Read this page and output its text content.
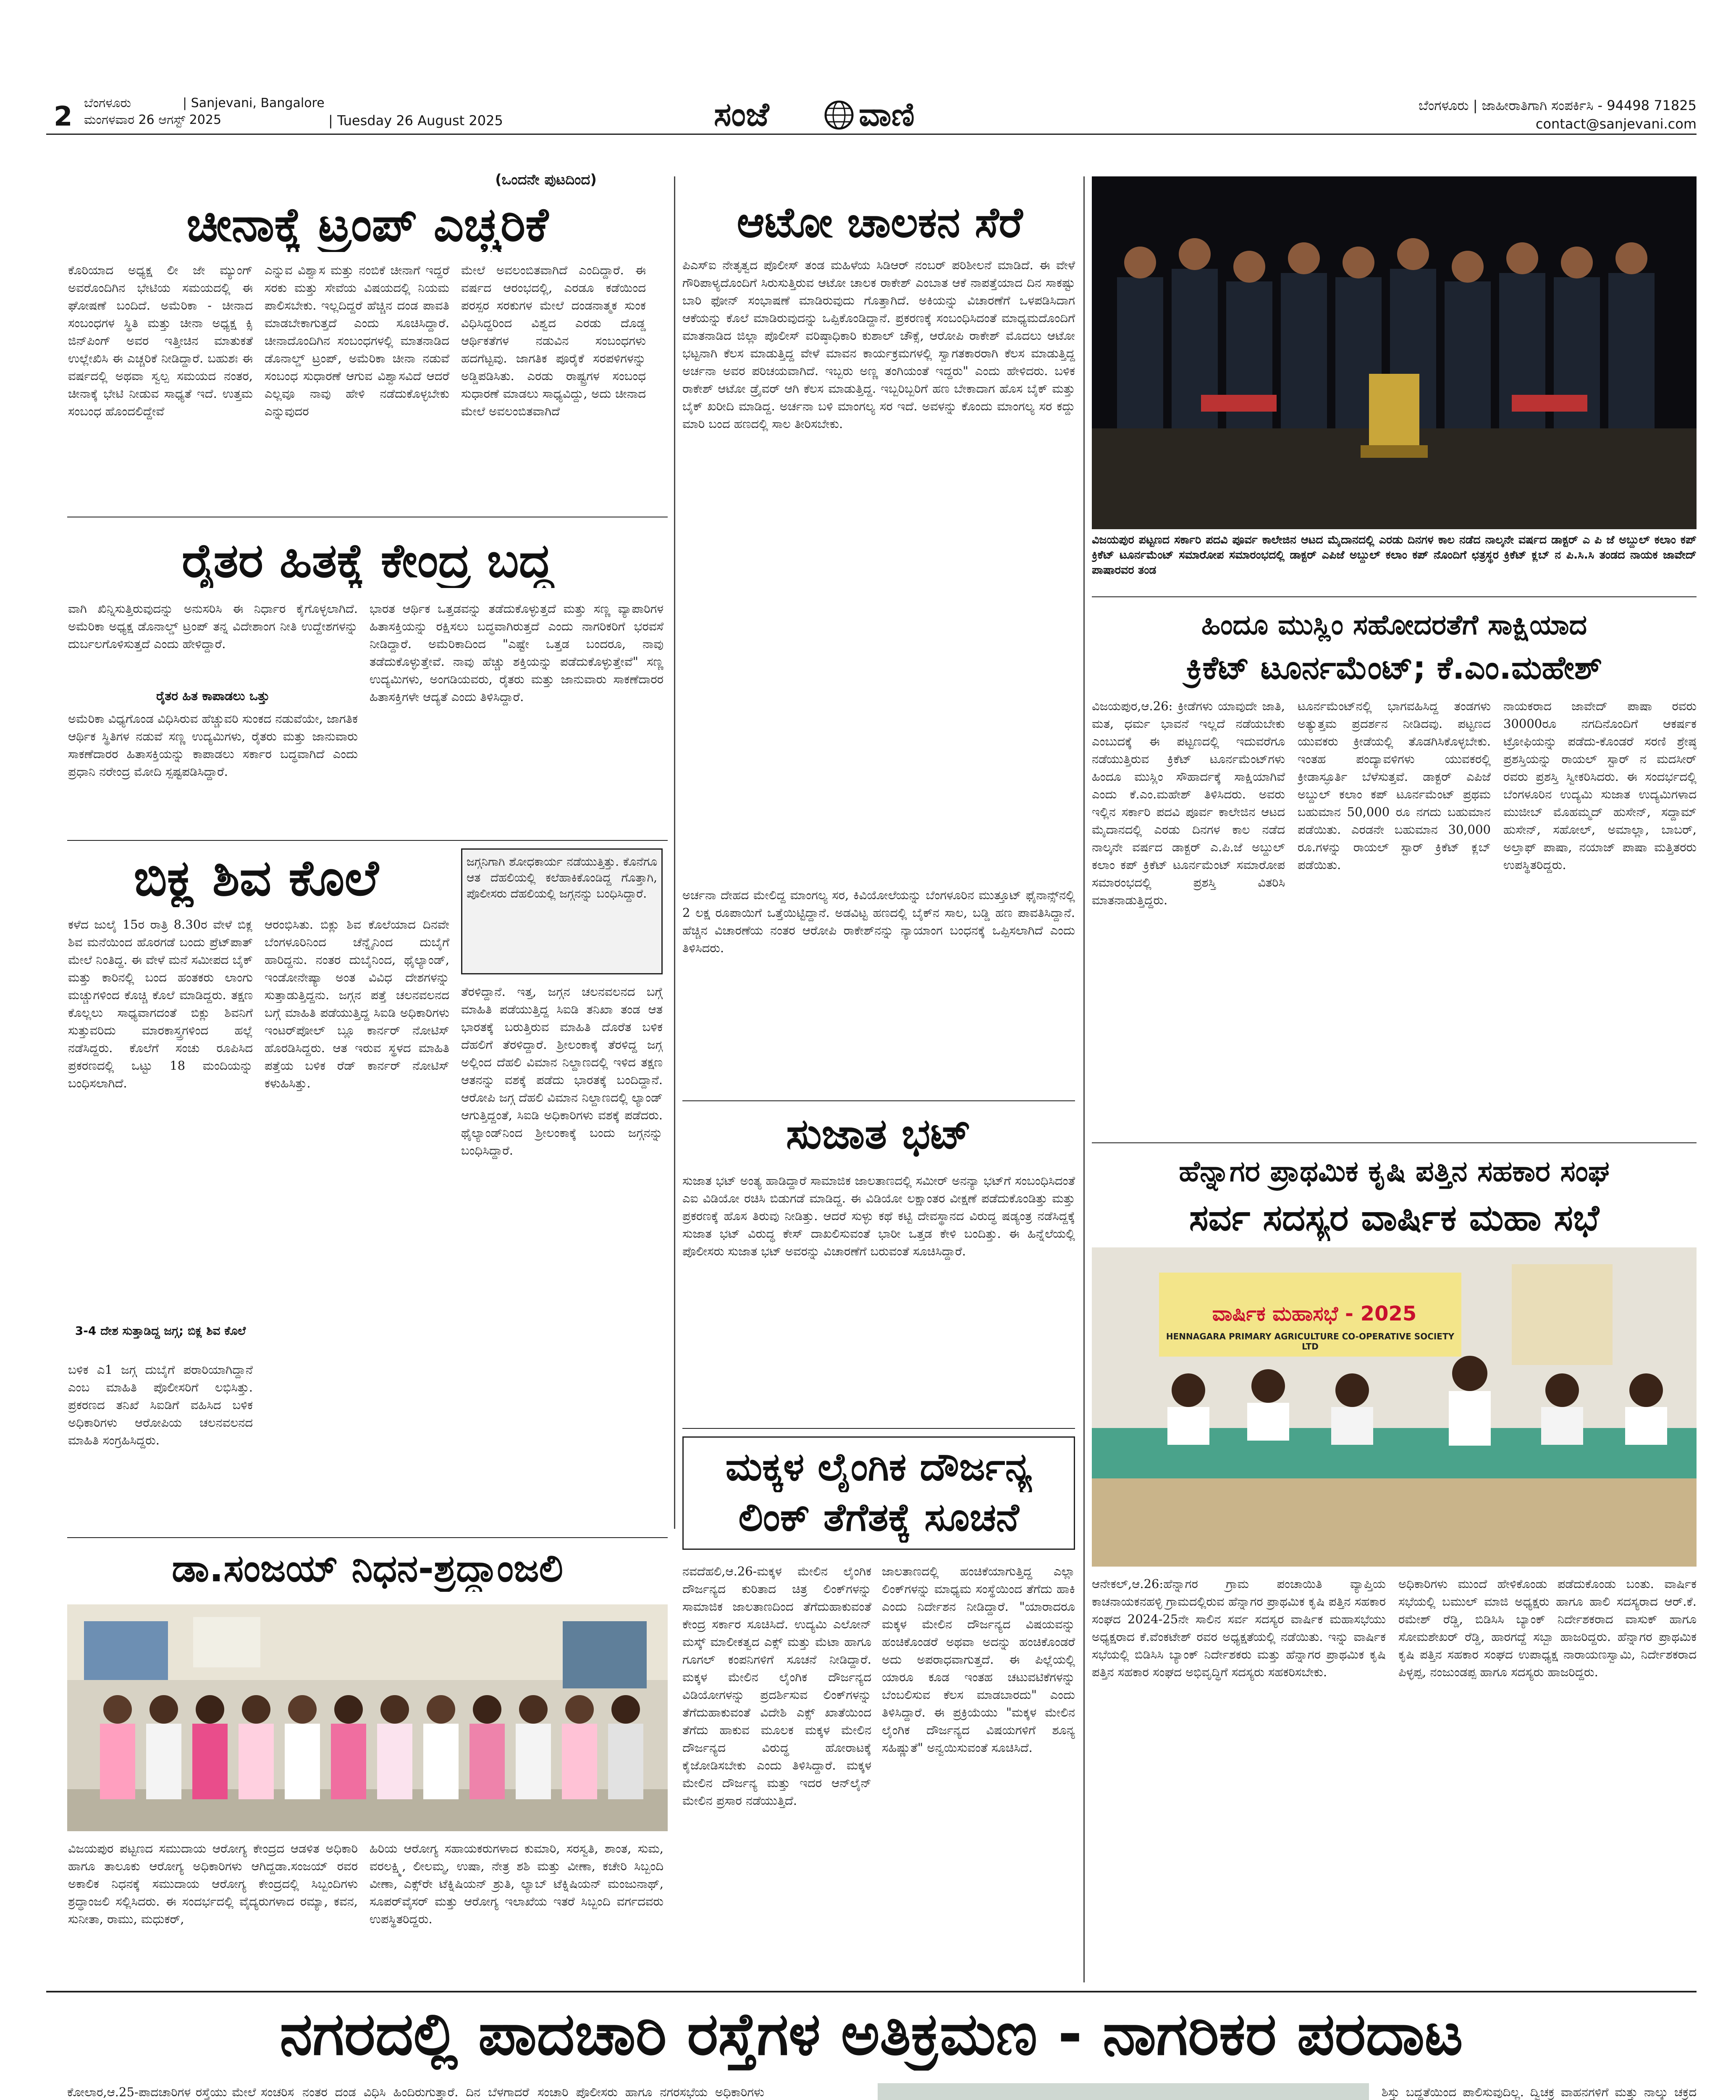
2 ಬೆಂಗಳೂರು	| Sanjevani, Bangalore
ಮಂಗಳವಾರ 26 ಆಗಸ್ಟ್ 2025	| Tuesday 26 August 2025	ಸಂಜೆ	ವಾಣಿ	ಬೆಂಗಳೂರು | ಜಾಹೀರಾತಿಗಾಗಿ ಸಂಪರ್ಕಿಸಿ - 94498 71825
contact@sanjevani.com
(ಒಂದನೇ ಪುಟದಿಂದ)
ಚೀನಾಕ್ಕೆ ಟ್ರಂಪ್ ಎಚ್ಚರಿಕೆ
ಕೊರಿಯಾದ ಅಧ್ಯಕ್ಷ ಲೀ ಜೇ ಮ್ಯುಂಗ್ ಅವರೊಂದಿಗಿನ ಭೇಟಿಯ ಸಮಯದಲ್ಲಿ ಈ ಘೋಷಣೆ ಬಂದಿದೆ. ಅಮೆರಿಕಾ - ಚೀನಾದ ಸಂಬಂಧಗಳ ಸ್ಥಿತಿ ಮತ್ತು ಚೀನಾ ಅಧ್ಯಕ್ಷ ಕ್ಸಿ ಜಿನ್‌ಪಿಂಗ್ ಅವರ ಇತ್ತೀಚಿನ ಮಾತುಕತೆ ಉಲ್ಲೇಖಿಸಿ ಈ ಎಚ್ಚರಿಕೆ ನೀಡಿದ್ದಾರೆ. ಬಹುಶಃ ಈ ವರ್ಷದಲ್ಲಿ ಅಥವಾ ಸ್ವಲ್ಪ ಸಮಯದ ನಂತರ, ಚೀನಾಕ್ಕೆ ಭೇಟಿ ನೀಡುವ ಸಾಧ್ಯತೆ ಇದೆ. ಉತ್ತಮ ಸಂಬಂಧ ಹೊಂದಲಿದ್ದೇವೆ
ಎನ್ನುವ ವಿಶ್ವಾಸ ಮತ್ತು ನಂಬಿಕೆ ಚೀನಾಗೆ ಇದ್ದರೆ ಸರಕು ಮತ್ತು ಸೇವೆಯ ವಿಷಯದಲ್ಲಿ ನಿಯಮ ಪಾಲಿಸಬೇಕು. ಇಲ್ಲದಿದ್ದರೆ ಹೆಚ್ಚಿನ ದಂಡ ಪಾವತಿ ಮಾಡಬೇಕಾಗುತ್ತದೆ ಎಂದು ಸೂಚಿಸಿದ್ದಾರೆ. ಚೀನಾದೊಂದಿಗಿನ ಸಂಬಂಧಗಳಲ್ಲಿ ಮಾತನಾಡಿದ ಡೊನಾಲ್ಡ್ ಟ್ರಂಪ್, ಅಮೆರಿಕಾ ಚೀನಾ ನಡುವೆ ಸಂಬಂಧ ಸುಧಾರಣೆ ಆಗುವ ವಿಶ್ವಾಸವಿದೆ ಆದರೆ ಎಲ್ಲವೂ ನಾವು ಹೇಳಿ ನಡೆದುಕೊಳ್ಳಬೇಕು ಎನ್ನುವುದರ
ಮೇಲೆ ಅವಲಂಬಿತವಾಗಿದೆ ಎಂದಿದ್ದಾರೆ. ಈ ವರ್ಷದ ಆರಂಭದಲ್ಲಿ, ಎರಡೂ ಕಡೆಯಿಂದ ಪರಸ್ಪರ ಸರಕುಗಳ ಮೇಲೆ ದಂಡನಾತ್ಮಕ ಸುಂಕ ವಿಧಿಸಿದ್ದರಿಂದ ವಿಶ್ವದ ಎರಡು ದೊಡ್ಡ ಆರ್ಥಿಕತೆಗಳ ನಡುವಿನ ಸಂಬಂಧಗಳು ಹದಗೆಟ್ಟವು. ಜಾಗತಿಕ ಪೂರೈಕೆ ಸರಪಳಿಗಳನ್ನು ಅಡ್ಡಿಪಡಿಸಿತು. ಎರಡು ರಾಷ್ಟ್ರಗಳ ಸಂಬಂಧ ಸುಧಾರಣೆ ಮಾಡಲು ಸಾಧ್ಯವಿದ್ದು, ಅದು ಚೀನಾದ ಮೇಲೆ ಅವಲಂಬಿತವಾಗಿದೆ
ರೈತರ ಹಿತಕ್ಕೆ ಕೇಂದ್ರ ಬದ್ಧ
ವಾಗಿ ಖಿನ್ನಿಸುತ್ತಿರುವುದನ್ನು ಅನುಸರಿಸಿ ಈ ನಿರ್ಧಾರ ಕೈಗೊಳ್ಳಲಾಗಿದೆ. ಅಮೆರಿಕಾ ಅಧ್ಯಕ್ಷ ಡೊನಾಲ್ಡ್ ಟ್ರಂಪ್ ತನ್ನ ವಿದೇಶಾಂಗ ನೀತಿ ಉದ್ದೇಶಗಳನ್ನು ದುರ್ಬಲಗೊಳಿಸುತ್ತದೆ ಎಂದು ಹೇಳಿದ್ದಾರೆ.
ರೈತರ ಹಿತ ಕಾಪಾಡಲು ಒತ್ತು
ಅಮೆರಿಕಾ ವಿಧ್ಯಗೊಂಡ ವಿಧಿಸಿರುವ ಹೆಚ್ಚುವರಿ ಸುಂಕದ ನಡುವೆಯೇ, ಜಾಗತಿಕ ಆರ್ಥಿಕ ಸ್ಥಿತಿಗಳ ನಡುವೆ ಸಣ್ಣ ಉದ್ಯಮಿಗಳು, ರೈತರು ಮತ್ತು ಜಾನುವಾರು ಸಾಕಣೆದಾರರ ಹಿತಾಸಕ್ತಿಯನ್ನು ಕಾಪಾಡಲು ಸರ್ಕಾರ ಬದ್ಧವಾಗಿದೆ ಎಂದು ಪ್ರಧಾನಿ ನರೇಂದ್ರ ಮೋದಿ ಸ್ಪಷ್ಟಪಡಿಸಿದ್ದಾರೆ.
ಭಾರತ ಆರ್ಥಿಕ ಒತ್ತಡವನ್ನು ತಡೆದುಕೊಳ್ಳುತ್ತದೆ ಮತ್ತು ಸಣ್ಣ ವ್ಯಾಪಾರಿಗಳ ಹಿತಾಸಕ್ತಿಯನ್ನು ರಕ್ಷಿಸಲು ಬದ್ಧವಾಗಿರುತ್ತದೆ ಎಂದು ನಾಗರಿಕರಿಗೆ ಭರವಸೆ ನೀಡಿದ್ದಾರೆ. ಅಮೆರಿಕಾದಿಂದ "ಎಷ್ಟೇ ಒತ್ತಡ ಬಂದರೂ, ನಾವು ತಡೆದುಕೊಳ್ಳುತ್ತೇವೆ. ನಾವು ಹೆಚ್ಚು ಶಕ್ತಿಯನ್ನು ಪಡೆದುಕೊಳ್ಳುತ್ತೇವೆ" ಸಣ್ಣ ಉದ್ಯಮಿಗಳು, ಅಂಗಡಿಯವರು, ರೈತರು ಮತ್ತು ಜಾನುವಾರು ಸಾಕಣೆದಾರರ ಹಿತಾಸಕ್ತಿಗಳೇ ಆದ್ಯತೆ ಎಂದು ತಿಳಿಸಿದ್ದಾರೆ.
ಬಿಕ್ಲ ಶಿವ ಕೊಲೆ
ಕಳೆದ ಜುಲೈ 15ರ ರಾತ್ರಿ 8.30ರ ವೇಳೆ ಬಿಕ್ಲ ಶಿವ ಮನೆಯಿಂದ ಹೊರಗಡೆ ಬಂದು ಪ್ರೆಟ್‌ಪಾತ್ ಮೇಲೆ ನಿಂತಿದ್ದ. ಈ ವೇಳೆ ಮನೆ ಸಮೀಪದ ಬೈಕ್ ಮತ್ತು ಕಾರಿನಲ್ಲಿ ಬಂದ ಹಂತಕರು ಲಾಂಗು ಮಚ್ಚುಗಳಿಂದ ಕೊಚ್ಚಿ ಕೊಲೆ ಮಾಡಿದ್ದರು. ತಕ್ಷಣ ಕೊಲ್ಲಲು ಸಾಧ್ಯವಾಗದಂತೆ ಬಿಕ್ಲು ಶಿವನಿಗೆ ಸುತ್ತುವರಿದು ಮಾರಕಾಸ್ತ್ರಗಳಿಂದ ಹಲ್ಲೆ ನಡೆಸಿದ್ದರು. ಕೊಲೆಗೆ ಸಂಚು ರೂಪಿಸಿದ ಪ್ರಕರಣದಲ್ಲಿ ಒಟ್ಟು 18 ಮಂದಿಯನ್ನು ಬಂಧಿಸಲಾಗಿದೆ.
3-4 ದೇಶ ಸುತ್ತಾಡಿದ್ದ ಜಗ್ಗ; ಬಿಕ್ಲ ಶಿವ ಕೊಲೆ
ಬಳಿಕ ಎ1 ಜಗ್ಗ ದುಬೈಗೆ ಪರಾರಿಯಾಗಿದ್ದಾನೆ ಎಂಬ ಮಾಹಿತಿ ಪೊಲೀಸರಿಗೆ ಲಭಿಸಿತ್ತು. ಪ್ರಕರಣದ ತನಿಖೆ ಸಿಐಡಿಗೆ ವಹಿಸಿದ ಬಳಿಕ ಅಧಿಕಾರಿಗಳು ಆರೋಪಿಯ ಚಲನವಲನದ ಮಾಹಿತಿ ಸಂಗ್ರಹಿಸಿದ್ದರು.
ಆರಂಭಿಸಿತು. ಬಿಕ್ಲು ಶಿವ ಕೊಲೆಯಾದ ದಿನವೇ ಬೆಂಗಳೂರಿನಿಂದ ಚೆನ್ನೈನಿಂದ ದುಬೈಗೆ ಹಾರಿದ್ದನು. ನಂತರ ದುಬೈನಿಂದ, ಥೈಲ್ಯಾಂಡ್, ಇಂಡೋನೇಷ್ಯಾ ಅಂತ ವಿವಿಧ ದೇಶಗಳನ್ನು ಸುತ್ತಾಡುತ್ತಿದ್ದನು. ಜಗ್ಗನ ಪತ್ತೆ ಚಲನವಲನದ ಬಗ್ಗೆ ಮಾಹಿತಿ ಪಡೆಯುತ್ತಿದ್ದ ಸಿಐಡಿ ಅಧಿಕಾರಿಗಳು ಇಂಟರ್‌ಪೋಲ್ ಬ್ಲೂ ಕಾರ್ನರ್ ನೋಟಿಸ್ ಹೊರಡಿಸಿದ್ದರು. ಆತ ಇರುವ ಸ್ಥಳದ ಮಾಹಿತಿ ಪತ್ತೆಯ ಬಳಿಕ ರೆಡ್ ಕಾರ್ನರ್ ನೋಟಿಸ್ ಕಳುಹಿಸಿತ್ತು.
ಜಗ್ಗನಿಗಾಗಿ ಶೋಧಕಾರ್ಯ ನಡೆಯುತ್ತಿತ್ತು. ಕೊನೆಗೂ ಆತ ದೆಹಲಿಯಲ್ಲಿ ಕಲೆಹಾಕಿಕೊಂಡಿದ್ದ ಗೊತ್ತಾಗಿ, ಪೊಲೀಸರು ದೆಹಲಿಯಲ್ಲಿ ಜಗ್ಗನನ್ನು ಬಂಧಿಸಿದ್ದಾರೆ.
ತೆರಳಿದ್ದಾನೆ. ಇತ್ತ, ಜಗ್ಗನ ಚಲನವಲನದ ಬಗ್ಗೆ ಮಾಹಿತಿ ಪಡೆಯುತ್ತಿದ್ದ ಸಿಐಡಿ ತನಿಖಾ ತಂಡ ಆತ ಭಾರತಕ್ಕೆ ಬರುತ್ತಿರುವ ಮಾಹಿತಿ ದೊರೆತ ಬಳಿಕ ದೆಹಲಿಗೆ ತೆರಳಿದ್ದಾರೆ. ಶ್ರೀಲಂಕಾಕ್ಕೆ ತೆರಳಿದ್ದ ಜಗ್ಗ ಅಲ್ಲಿಂದ ದೆಹಲಿ ವಿಮಾನ ನಿಲ್ದಾಣದಲ್ಲಿ ಇಳಿದ ತಕ್ಷಣ ಆತನನ್ನು ವಶಕ್ಕೆ ಪಡೆದು ಭಾರತಕ್ಕೆ ಬಂದಿದ್ದಾನೆ. ಆರೋಪಿ ಜಗ್ಗ ದೆಹಲಿ ವಿಮಾನ ನಿಲ್ದಾಣದಲ್ಲಿ ಲ್ಯಾಂಡ್ ಆಗುತ್ತಿದ್ದಂತೆ, ಸಿಐಡಿ ಅಧಿಕಾರಿಗಳು ವಶಕ್ಕೆ ಪಡೆದರು. ಥೈಲ್ಯಾಂಡ್‌ನಿಂದ ಶ್ರೀಲಂಕಾಕ್ಕೆ ಬಂದು ಜಗ್ಗನನ್ನು ಬಂಧಿಸಿದ್ದಾರೆ.
ಡಾ.ಸಂಜಯ್ ನಿಧನ-ಶ್ರದ್ಧಾಂಜಲಿ
ವಿಜಯಪುರ ಪಟ್ಟಣದ ಸಮುದಾಯ ಆರೋಗ್ಯ ಕೇಂದ್ರದ ಆಡಳಿತ ಅಧಿಕಾರಿ ಹಾಗೂ ತಾಲೂಕು ಆರೋಗ್ಯ ಅಧಿಕಾರಿಗಳು ಆಗಿದ್ದಡಾ.ಸಂಜಯ್ ರವರ ಅಕಾಲಿಕ ನಿಧನಕ್ಕೆ ಸಮುದಾಯ ಆರೋಗ್ಯ ಕೇಂದ್ರದಲ್ಲಿ ಸಿಬ್ಬಂದಿಗಳು ಶ್ರದ್ಧಾಂಜಲಿ ಸಲ್ಲಿಸಿದರು. ಈ ಸಂದರ್ಭದಲ್ಲಿ ವೈದ್ಯರುಗಳಾದ ರಮ್ಯಾ, ಕವನ, ಸುನೀತಾ, ರಾಮು, ಮಧುಕರ್,
ಹಿರಿಯ ಆರೋಗ್ಯ ಸಹಾಯಕರುಗಳಾದ ಕುಮಾರಿ, ಸರಸ್ವತಿ, ಶಾಂತ, ಸುಮ, ವರಲಕ್ಷ್ಮಿ, ಲೀಲಮ್ಮ, ಉಷಾ, ನೇತ್ರ ಶಶಿ ಮತ್ತು ವೀಣಾ, ಕಚೇರಿ ಸಿಬ್ಬಂದಿ ವೀಣಾ, ಎಕ್ಸ್‌ರೇ ಟೆಕ್ನಿಷಿಯನ್ ಶ್ರುತಿ, ಲ್ಯಾಬ್ ಟೆಕ್ನಿಷಿಯನ್ ಮಂಜುನಾಥ್, ಸೂಪರ್‌ವೈಸರ್ ಮತ್ತು ಆರೋಗ್ಯ ಇಲಾಖೆಯ ಇತರೆ ಸಿಬ್ಬಂದಿ ವರ್ಗದವರು ಉಪಸ್ಥಿತರಿದ್ದರು.
ಆಟೋ ಚಾಲಕನ ಸೆರೆ
ಪಿಎಸ್‌ಐ ನೇತೃತ್ವದ ಪೊಲೀಸ್ ತಂಡ ಮಹಿಳೆಯ ಸಿಡಿಆರ್ ನಂಬರ್ ಪರಿಶೀಲನೆ ಮಾಡಿದೆ. ಈ ವೇಳೆ ಗೌರಿಪಾಳ್ಯದೊಂದಿಗೆ ಸಿರುಸುತ್ತಿರುವ ಆಟೋ ಚಾಲಕ ರಾಕೇಶ್ ಎಂಬಾತ ಆಕೆ ನಾಪತ್ತೆಯಾದ ದಿನ ಸಾಕಷ್ಟು ಬಾರಿ ಫೋನ್ ಸಂಭಾಷಣೆ ಮಾಡಿರುವುದು ಗೊತ್ತಾಗಿದೆ. ಅಕಿಯನ್ನು ವಿಚಾರಣೆಗೆ ಒಳಪಡಿಸಿದಾಗ ಆಕೆಯನ್ನು ಕೊಲೆ ಮಾಡಿರುವುದನ್ನು ಒಪ್ಪಿಕೊಂಡಿದ್ದಾನೆ. ಪ್ರಕರಣಕ್ಕೆ ಸಂಬಂಧಿಸಿದಂತೆ ಮಾಧ್ಯಮದೊಂದಿಗೆ ಮಾತನಾಡಿದ ಜಿಲ್ಲಾ ಪೊಲೀಸ್ ವರಿಷ್ಠಾಧಿಕಾರಿ ಕುಶಾಲ್ ಚೌಕ್ಸೆ, ಆರೋಪಿ ರಾಕೇಶ್ ಮೊದಲು ಆಟೋ ಭಟ್ಟನಾಗಿ ಕೆಲಸ ಮಾಡುತ್ತಿದ್ದ ವೇಳೆ ಮಾವನ ಕಾರ್ಯಕ್ರಮಗಳಲ್ಲಿ ಸ್ವಾಗತಕಾರರಾಗಿ ಕೆಲಸ ಮಾಡುತ್ತಿದ್ದ ಅರ್ಚನಾ ಅವರ ಪರಿಚಯವಾಗಿದೆ. ಇಬ್ಬರು ಅಣ್ಣ ತಂಗಿಯಂತೆ ಇದ್ದರು" ಎಂದು ಹೇಳಿದರು. ಬಳಿಕ ರಾಕೇಶ್ ಆಟೋ ಡ್ರೈವರ್ ಆಗಿ ಕೆಲಸ ಮಾಡುತ್ತಿದ್ದ. ಇಬ್ಬರಿಬ್ಬರಿಗೆ ಹಣ ಬೇಕಾದಾಗ ಹೊಸ ಬೈಕ್ ಮತ್ತು ಬೈಕ್ ಖರೀದಿ ಮಾಡಿದ್ದ. ಅರ್ಚನಾ ಬಳಿ ಮಾಂಗಲ್ಯ ಸರ ಇದೆ. ಅವಳನ್ನು ಕೊಂದು ಮಾಂಗಲ್ಯ ಸರ ಕದ್ದು ಮಾರಿ ಬಂದ ಹಣದಲ್ಲಿ ಸಾಲ ತೀರಿಸಬೇಕು.
ಅರ್ಚನಾ ದೇಹದ ಮೇಲಿದ್ದ ಮಾಂಗಲ್ಯ ಸರ, ಕಿವಿಯೋಲೆಯನ್ನು ಬೆಂಗಳೂರಿನ ಮುತ್ತೂಟ್ ಫೈನಾನ್ಸ್‌ನಲ್ಲಿ 2 ಲಕ್ಷ ರೂಪಾಯಿಗೆ ಒತ್ತೆಯಿಟ್ಟಿದ್ದಾನೆ. ಅಡವಿಟ್ಟ ಹಣದಲ್ಲಿ ಬೈಕ್‌ನ ಸಾಲ, ಬಡ್ಡಿ ಹಣ ಪಾವತಿಸಿದ್ದಾನೆ. ಹೆಚ್ಚಿನ ವಿಚಾರಣೆಯ ನಂತರ ಆರೋಪಿ ರಾಕೇಶ್‌ನನ್ನು ನ್ಯಾಯಾಂಗ ಬಂಧನಕ್ಕೆ ಒಪ್ಪಿಸಲಾಗಿದೆ ಎಂದು ತಿಳಿಸಿದರು.
ಸುಜಾತ ಭಟ್
ಸುಜಾತ ಭಟ್ ಅಂತ್ಯ ಹಾಡಿದ್ದಾರೆ ಸಾಮಾಜಿಕ ಜಾಲತಾಣದಲ್ಲಿ ಸಮೀರ್ ಅನನ್ಯಾ ಭಟ್‌ಗೆ ಸಂಬಂಧಿಸಿದಂತೆ ಎಐ ವಿಡಿಯೋ ರಚಿಸಿ ಬಿಡುಗಡೆ ಮಾಡಿದ್ದ. ಈ ವಿಡಿಯೋ ಲಕ್ಷಾಂತರ ವೀಕ್ಷಣೆ ಪಡೆದುಕೊಂಡಿತ್ತು ಮತ್ತು ಪ್ರಕರಣಕ್ಕೆ ಹೊಸ ತಿರುವು ನೀಡಿತ್ತು. ಆದರೆ ಸುಳ್ಳು ಕಥೆ ಕಟ್ಟಿ ದೇವಸ್ಥಾನದ ವಿರುದ್ಧ ಷಡ್ಯಂತ್ರ ನಡೆಸಿದ್ದಕ್ಕೆ ಸುಜಾತ ಭಟ್ ವಿರುದ್ಧ ಕೇಸ್ ದಾಖಲಿಸುವಂತೆ ಭಾರೀ ಒತ್ತಡ ಕೇಳಿ ಬಂದಿತ್ತು. ಈ ಹಿನ್ನೆಲೆಯಲ್ಲಿ ಪೊಲೀಸರು ಸುಜಾತ ಭಟ್ ಅವರನ್ನು ವಿಚಾರಣೆಗೆ ಬರುವಂತೆ ಸೂಚಿಸಿದ್ದಾರೆ.
ಮಕ್ಕಳ ಲೈಂಗಿಕ ದೌರ್ಜನ್ಯ
ಲಿಂಕ್ ತೆಗೆತಕ್ಕೆ ಸೂಚನೆ
ನವದೆಹಲಿ,ಆ.26-ಮಕ್ಕಳ ಮೇಲಿನ ಲೈಂಗಿಕ ದೌರ್ಜನ್ಯದ ಕುರಿತಾದ ಚಿತ್ರ ಲಿಂಕ್‌ಗಳನ್ನು ಸಾಮಾಜಿಕ ಜಾಲತಾಣದಿಂದ ತೆಗೆದುಹಾಕುವಂತೆ ಕೇಂದ್ರ ಸರ್ಕಾರ ಸೂಚಿಸಿದೆ. ಉದ್ಯಮಿ ಎಲೋನ್ ಮಸ್ಕ್ ಮಾಲೀಕತ್ವದ ಎಕ್ಸ್ ಮತ್ತು ಮೆಟಾ ಹಾಗೂ ಗೂಗಲ್ ಕಂಪನಿಗಳಿಗೆ ಸೂಚನೆ ನೀಡಿದ್ದಾರೆ. ಮಕ್ಕಳ ಮೇಲಿನ ಲೈಂಗಿಕ ದೌರ್ಜನ್ಯದ ವಿಡಿಯೋಗಳನ್ನು ಪ್ರದರ್ಶಿಸುವ ಲಿಂಕ್‌ಗಳನ್ನು ತೆಗೆದುಹಾಕುವಂತೆ ವಿದೇಶಿ ಎಕ್ಸ್ ಖಾತೆಯಿಂದ ತೆಗೆದು ಹಾಕುವ ಮೂಲಕ ಮಕ್ಕಳ ಮೇಲಿನ ದೌರ್ಜನ್ಯದ ವಿರುದ್ಧ ಹೋರಾಟಕ್ಕೆ ಕೈಜೋಡಿಸಬೇಕು ಎಂದು ತಿಳಿಸಿದ್ದಾರೆ. ಮಕ್ಕಳ ಮೇಲಿನ ದೌರ್ಜನ್ಯ ಮತ್ತು ಇದರ ಆನ್‌ಲೈನ್ ಮೇಲಿನ ಪ್ರಸಾರ ನಡೆಯುತ್ತಿದೆ.
ಜಾಲತಾಣದಲ್ಲಿ ಹಂಚಿಕೆಯಾಗುತ್ತಿದ್ದ ಎಲ್ಲಾ ಲಿಂಕ್‌ಗಳನ್ನು ಮಾಧ್ಯಮ ಸಂಸ್ಥೆಯಿಂದ ತೆಗೆದು ಹಾಕಿ ಎಂದು ನಿರ್ದೇಶನ ನೀಡಿದ್ದಾರೆ. "ಯಾರಾದರೂ ಮಕ್ಕಳ ಮೇಲಿನ ದೌರ್ಜನ್ಯದ ವಿಷಯವನ್ನು ಹಂಚಿಕೊಂಡರೆ ಅಥವಾ ಅದನ್ನು ಹಂಚಿಕೊಂಡರೆ ಅದು ಅಪರಾಧವಾಗುತ್ತದೆ. ಈ ಪಿಲ್ಲೆಯಲ್ಲಿ ಯಾರೂ ಕೂಡ ಇಂತಹ ಚಟುವಟಿಕೆಗಳನ್ನು ಬೆಂಬಲಿಸುವ ಕೆಲಸ ಮಾಡಬಾರದು" ಎಂದು ತಿಳಿಸಿದ್ದಾರೆ. ಈ ಪ್ರಕ್ರಿಯೆಯು "ಮಕ್ಕಳ ಮೇಲಿನ ಲೈಂಗಿಕ ದೌರ್ಜನ್ಯದ ವಿಷಯಗಳಿಗೆ ಶೂನ್ಯ ಸಹಿಷ್ಣುತೆ" ಅನ್ವಯಿಸುವಂತೆ ಸೂಚಿಸಿದೆ.
ವಿಜಯಪುರ ಪಟ್ಟಣದ ಸರ್ಕಾರಿ ಪದವಿ ಪೂರ್ವ ಕಾಲೇಜಿನ ಆಟದ ಮೈದಾನದಲ್ಲಿ ಎರಡು ದಿನಗಳ ಕಾಲ ನಡೆದ ನಾಲ್ಕನೇ ವರ್ಷದ ಡಾಕ್ಟರ್ ಎ ಪಿ ಜೆ ಅಬ್ದುಲ್ ಕಲಾಂ ಕಪ್ ಕ್ರಿಕೆಟ್ ಟೂರ್ನಮೆಂಟ್ ಸಮಾರೋಪ ಸಮಾರಂಭದಲ್ಲಿ ಡಾಕ್ಟರ್ ಎಪಿಜೆ ಅಬ್ದುಲ್ ಕಲಾಂ ಕಪ್ ನೊಂದಿಗೆ ಛತ್ರಸ್ಥರ ಕ್ರಿಕೆಟ್ ಕ್ಲಬ್ ನ ಪಿ.ಸಿ.ಸಿ ತಂಡದ ನಾಯಕ ಜಾವೇದ್ ಪಾಷಾರವರ ತಂಡ
ಹಿಂದೂ ಮುಸ್ಲಿಂ ಸಹೋದರತೆಗೆ ಸಾಕ್ಷಿಯಾದ
ಕ್ರಿಕೆಟ್ ಟೂರ್ನಮೆಂಟ್; ಕೆ.ಎಂ.ಮಹೇಶ್
ವಿಜಯಪುರ,ಆ.26: ಕ್ರೀಡೆಗಳು ಯಾವುದೇ ಜಾತಿ, ಮತ, ಧರ್ಮ ಭಾವನೆ ಇಲ್ಲದೆ ನಡೆಯಬೇಕು ಎಂಬುದಕ್ಕೆ ಈ ಪಟ್ಟಣದಲ್ಲಿ ಇದುವರೆಗೂ ನಡೆಯುತ್ತಿರುವ ಕ್ರಿಕೆಟ್ ಟೂರ್ನಮೆಂಟ್‌ಗಳು ಹಿಂದೂ ಮುಸ್ಲಿಂ ಸೌಹಾರ್ದಕ್ಕೆ ಸಾಕ್ಷಿಯಾಗಿವೆ ಎಂದು ಕೆ.ಎಂ.ಮಹೇಶ್ ತಿಳಿಸಿದರು. ಅವರು ಇಲ್ಲಿನ ಸರ್ಕಾರಿ ಪದವಿ ಪೂರ್ವ ಕಾಲೇಜಿನ ಆಟದ ಮೈದಾನದಲ್ಲಿ ಎರಡು ದಿನಗಳ ಕಾಲ ನಡೆದ ನಾಲ್ಕನೇ ವರ್ಷದ ಡಾಕ್ಟರ್ ಎ.ಪಿ.ಜೆ ಅಬ್ದುಲ್ ಕಲಾಂ ಕಪ್ ಕ್ರಿಕೆಟ್ ಟೂರ್ನಮೆಂಟ್ ಸಮಾರೋಪ ಸಮಾರಂಭದಲ್ಲಿ ಪ್ರಶಸ್ತಿ ವಿತರಿಸಿ ಮಾತನಾಡುತ್ತಿದ್ದರು.
ಟೂರ್ನಮೆಂಟ್‌ನಲ್ಲಿ ಭಾಗವಹಿಸಿದ್ದ ತಂಡಗಳು ಅತ್ಯುತ್ತಮ ಪ್ರದರ್ಶನ ನೀಡಿದವು. ಪಟ್ಟಣದ ಯುವಕರು ಕ್ರೀಡೆಯಲ್ಲಿ ತೊಡಗಿಸಿಕೊಳ್ಳಬೇಕು. ಇಂತಹ ಪಂದ್ಯಾವಳಿಗಳು ಯುವಕರಲ್ಲಿ ಕ್ರೀಡಾಸ್ಫೂರ್ತಿ ಬೆಳೆಸುತ್ತವೆ. ಡಾಕ್ಟರ್ ಎಪಿಜೆ ಅಬ್ದುಲ್ ಕಲಾಂ ಕಪ್ ಟೂರ್ನಮೆಂಟ್ ಪ್ರಥಮ ಬಹುಮಾನ 50,000 ರೂ ನಗದು ಬಹುಮಾನ ಪಡೆಯಿತು. ಎರಡನೇ ಬಹುಮಾನ 30,000 ರೂ.ಗಳನ್ನು ರಾಯಲ್ ಸ್ಟಾರ್ ಕ್ರಿಕೆಟ್ ಕ್ಲಬ್ ಪಡೆಯಿತು.
ನಾಯಕರಾದ ಜಾವೇದ್ ಪಾಷಾ ರವರು 30000ರೂ ನಗದಿನೊಂದಿಗೆ ಆಕರ್ಷಕ ಟ್ರೋಫಿಯನ್ನು ಪಡೆದು-ಕೊಂಡರೆ ಸರಣಿ ಶ್ರೇಷ್ಠ ಪ್ರಶಸ್ತಿಯನ್ನು ರಾಯಲ್ ಸ್ಟಾರ್ ನ ಮದಸೀರ್ ರವರು ಪ್ರಶಸ್ತಿ ಸ್ವೀಕರಿಸಿದರು. ಈ ಸಂದರ್ಭದಲ್ಲಿ ಬೆಂಗಳೂರಿನ ಉದ್ಯಮಿ ಸುಜಾತ ಉದ್ಯಮಿಗಳಾದ ಮುಜೀಬ್ ಮೊಹಮ್ಮದ್ ಹುಸೇನ್, ಸದ್ದಾಮ್ ಹುಸೇನ್, ಸಹೋಲ್, ಅಮಾಲ್ಲಾ, ಬಾಬರ್, ಅಲ್ತಾಫ್ ಪಾಷಾ, ನಯಾಜ್ ಪಾಷಾ ಮತ್ತಿತರರು ಉಪಸ್ಥಿತರಿದ್ದರು.
ಹೆನ್ನಾಗರ ಪ್ರಾಥಮಿಕ ಕೃಷಿ ಪತ್ತಿನ ಸಹಕಾರ ಸಂಘ
ಸರ್ವ ಸದಸ್ಯರ ವಾರ್ಷಿಕ ಮಹಾ ಸಭೆ
ವಾರ್ಷಿಕ ಮಹಾಸಭೆ - 2025
HENNAGARA PRIMARY AGRICULTURE CO-OPERATIVE SOCIETY LTD
ಆನೇಕಲ್,ಆ.26:ಹೆನ್ನಾಗರ ಗ್ರಾಮ ಪಂಚಾಯಿತಿ ವ್ಯಾಪ್ತಿಯ ಕಾಚನಾಯಕನಹಳ್ಳಿ ಗ್ರಾಮದಲ್ಲಿರುವ ಹೆನ್ನಾಗರ ಪ್ರಾಥಮಿಕ ಕೃಷಿ ಪತ್ತಿನ ಸಹಕಾರ ಸಂಘದ 2024-25ನೇ ಸಾಲಿನ ಸರ್ವ ಸದಸ್ಯರ ವಾರ್ಷಿಕ ಮಹಾಸಭೆಯು ಅಧ್ಯಕ್ಷರಾದ ಕೆ.ವೆಂಕಟೇಶ್ ರವರ ಅಧ್ಯಕ್ಷತೆಯಲ್ಲಿ ನಡೆಯಿತು. ಇನ್ನು ವಾರ್ಷಿಕ ಸಭೆಯಲ್ಲಿ ಬಿಡಿಸಿಸಿ ಬ್ಯಾಂಕ್ ನಿರ್ದೇಶಕರು ಮತ್ತು ಹೆನ್ನಾಗರ ಪ್ರಾಥಮಿಕ ಕೃಷಿ ಪತ್ತಿನ ಸಹಕಾರ ಸಂಘದ ಅಭಿವೃದ್ಧಿಗೆ ಸದಸ್ಯರು ಸಹಕರಿಸಬೇಕು.
ಅಧಿಕಾರಿಗಳು ಮುಂದೆ ಹೇಳಿಕೊಂಡು ಪಡೆದುಕೊಂಡು ಬಂತು. ವಾರ್ಷಿಕ ಸಭೆಯಲ್ಲಿ ಬಮುಲ್ ಮಾಜಿ ಅಧ್ಯಕ್ಷರು ಹಾಗೂ ಹಾಲಿ ಸದಸ್ಯರಾದ ಆರ್.ಕೆ. ರಮೇಶ್ ರೆಡ್ಡಿ, ಬಿಡಿಸಿಸಿ ಬ್ಯಾಂಕ್ ನಿರ್ದೇಶಕರಾದ ವಾಸುಕ್ ಹಾಗೂ ಸೋಮಶೇಖರ್ ರೆಡ್ಡಿ, ಹಾರಗದ್ದೆ ಸಬ್ಬಾ ಹಾಜರಿದ್ದರು. ಹೆನ್ನಾಗರ ಪ್ರಾಥಮಿಕ ಕೃಷಿ ಪತ್ತಿನ ಸಹಕಾರ ಸಂಘದ ಉಪಾಧ್ಯಕ್ಷ ನಾರಾಯಣಸ್ವಾಮಿ, ನಿರ್ದೇಶಕರಾದ ಪಿಳ್ಳಪ್ಪ, ನಂಜುಂಡಪ್ಪ ಹಾಗೂ ಸದಸ್ಯರು ಹಾಜರಿದ್ದರು.
ನಗರದಲ್ಲಿ ಪಾದಚಾರಿ ರಸ್ತೆಗಳ ಅತಿಕ್ರಮಣ - ನಾಗರಿಕರ ಪರದಾಟ
ಕೋಲಾರ,ಆ.25-ಪಾದಚಾರಿಗಳ ರಸ್ತೆಯು ಮೇಲೆ ಸಂಚರಿಸ ನಂತರ ದಂಡ ವಿಧಿಸಿ ಹಿಂದಿರುಗುತ್ತಾರೆ. ದಿನ ಬೆಳಗಾದರೆ ಸಂಚಾರಿ ಪೊಲೀಸರು ಹಾಗೂ ನಗರಸಭೆಯ ಅಧಿಕಾರಿಗಳು	ಶಿಸ್ತು ಬದ್ಧತೆಯಿಂದ ಪಾಲಿಸುವುದಿಲ್ಲ. ದ್ವಿಚಕ್ರ ವಾಹನಗಳಿಗೆ ಮತ್ತು ನಾಲ್ಕು ಚಕ್ರದ
